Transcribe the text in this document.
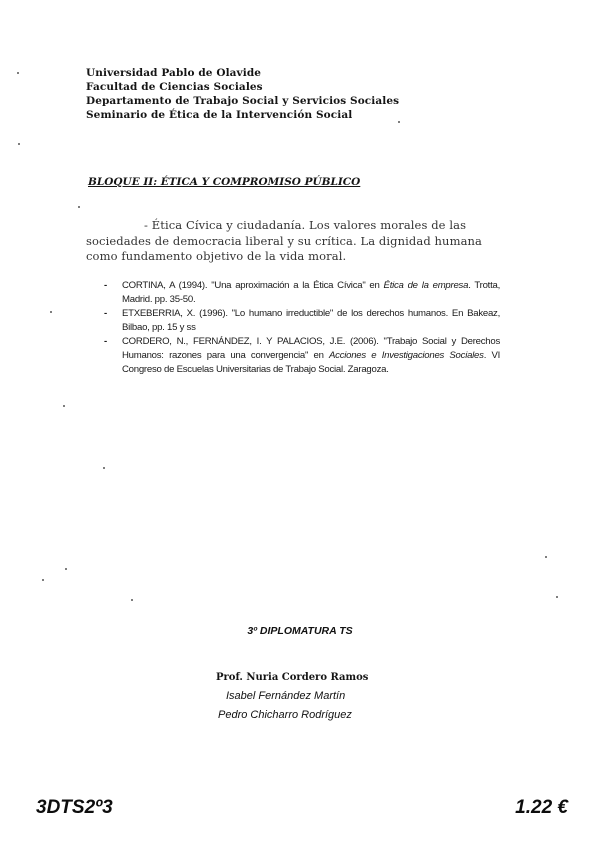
Universidad Pablo de Olavide
Facultad de Ciencias Sociales
Departamento de Trabajo Social y Servicios Sociales
Seminario de Ética de la Intervención Social
BLOQUE II: ÉTICA Y COMPROMISO PÚBLICO
- Ética Cívica y ciudadanía. Los valores morales de las sociedades de democracia liberal y su crítica. La dignidad humana como fundamento objetivo de la vida moral.
- CORTINA, A (1994). "Una aproximación a la Ética Cívica" en Ética de la empresa. Trotta, Madrid. pp. 35-50.
- ETXEBERRIA, X. (1996). "Lo humano irreductible" de los derechos humanos. En Bakeaz, Bilbao, pp. 15 y ss
- CORDERO, N., FERNÁNDEZ, I. Y PALACIOS, J.E. (2006). "Trabajo Social y Derechos Humanos: razones para una convergencia" en Acciones e Investigaciones Sociales. VI Congreso de Escuelas Universitarias de Trabajo Social. Zaragoza.
3º DIPLOMATURA TS
Prof. Nuria Cordero Ramos
Isabel Fernández Martín
Pedro Chicharro Rodríguez
3DTS2º3	1.22 €
